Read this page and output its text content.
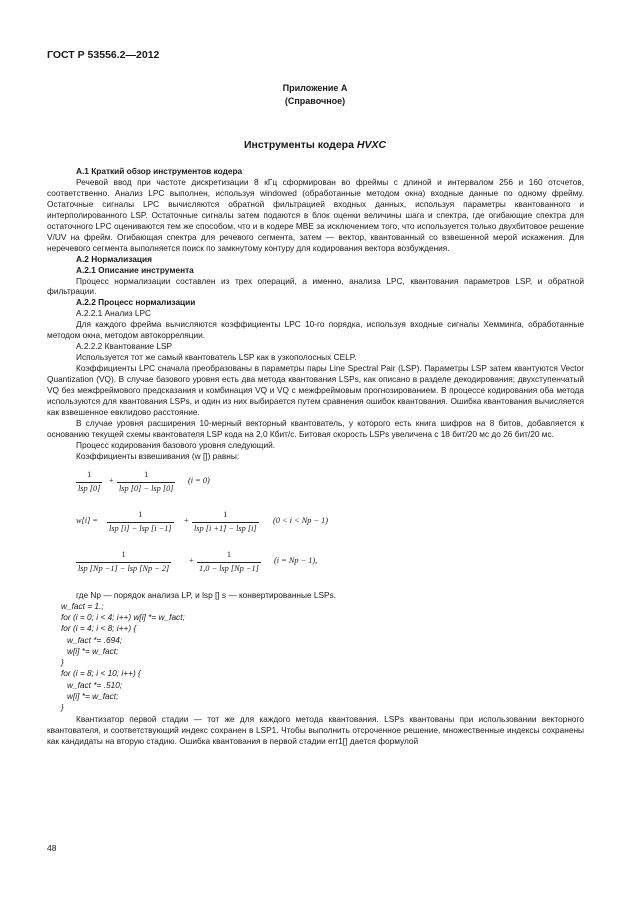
ГОСТ Р 53556.2—2012
Приложение А
(Справочное)
Инструменты кодера HVXC

А.1 Краткий обзор инструментов кодера

Речевой ввод при частоте дискретизации 8 кГц сформирован во фреймы с длиной и интервалом 256 и 160 отсчетов, соответственно. Анализ LPC выполнен, используя windowed (обработанные методом окна) входные данные по одному фрейму. Остаточные сигналы LPC вычисляются обратной фильтрацией входных данных, используя параметры квантованного и интерполированного LSP. Остаточные сигналы затем подаются в блок оценки величины шага и спектра, где огибающие спектра для остаточного LPC оцениваются тем же способом, что и в кодере MBE за исключением того, что используется только двухбитовое решение V/UV на фрейм. Огибающая спектра для речевого сегмента, затем — вектор, квантованный со взвешенной мерой искажения. Для неречевого сегмента выполняется поиск по замкнутому контуру для кодирования вектора возбуждения.

А.2 Нормализация

А.2.1 Описание инструмента

Процесс нормализации составлен из трех операций, а именно, анализа LPC, квантования параметров LSP, и обратной фильтрации.

А.2.2 Процесс нормализации

А.2.2.1 Анализ LPC

Для каждого фрейма вычисляются коэффициенты LPC 10-го порядка, используя входные сигналы Хемминга, обработанные методом окна, методом автокорреляции.

А.2.2.2 Квантование LSP

Используется тот же самый квантователь LSP как в узкополосных CELP.

Коэффициенты LPC сначала преобразованы в параметры пары Line Spectral Pair (LSP). Параметры LSP затем квантуются Vector Quantization (VQ). В случае базового уровня есть два метода квантования LSPs, как описано в разделе декодирования; двухступенчатый VQ без межфреймового предсказания и комбинация VQ и VQ с межфреймовым прогнозированием. В процессе кодирования оба метода используются для квантования LSPs, и один из них выбирается путем сравнения ошибок квантования. Ошибка квантования вычисляется как взвешенное евклидово расстояние.

В случае уровня расширения 10-мерный векторный квантователь, у которого есть книга шифров на 8 битов, добавляется к основанию текущей схемы квантователя LSP кода на 2,0 Кбит/с. Битовая скорость LSPs увеличена с 18 бит/20 мс до 26 бит/20 мс.

Процесс кодирования базового уровня следующий.

Коэффициенты взвешивания (w []) равны:

1
lsp [0]
+
1
lsp [0] − lsp [0]
(i = 0)
w[i] =
1
lsp [i] − lsp [i −1]
+
1
lsp [i +1] − lsp [i]
(0 < i < Np − 1)
1
lsp [Np −1] − lsp [Np − 2]
+
1
1,0 − lsp [Np −1]
(i = Np − 1),

где Np — порядок анализа LP, и lsp [] s — конвертированные LSPs.

w_fact = 1.;
for (i = 0; i < 4; i++) w[i] *= w_fact;
for (i = 4; i < 8; i++) {
w_fact *= .694;
w[i] *= w_fact;
}
for (i = 8; i < 10; i++) {
w_fact *= .510;
w[i] *= w_fact;
}

Квантизатор первой стадии — тот же для каждого метода квантования. LSPs квантованы при использовании векторного квантователя, и соответствующий индекс сохранен в LSP1. Чтобы выполнить отсроченное решение, множественные индексы сохранены как кандидаты на вторую стадию. Ошибка квантования в первой стадии err1[] дается формулой

48
